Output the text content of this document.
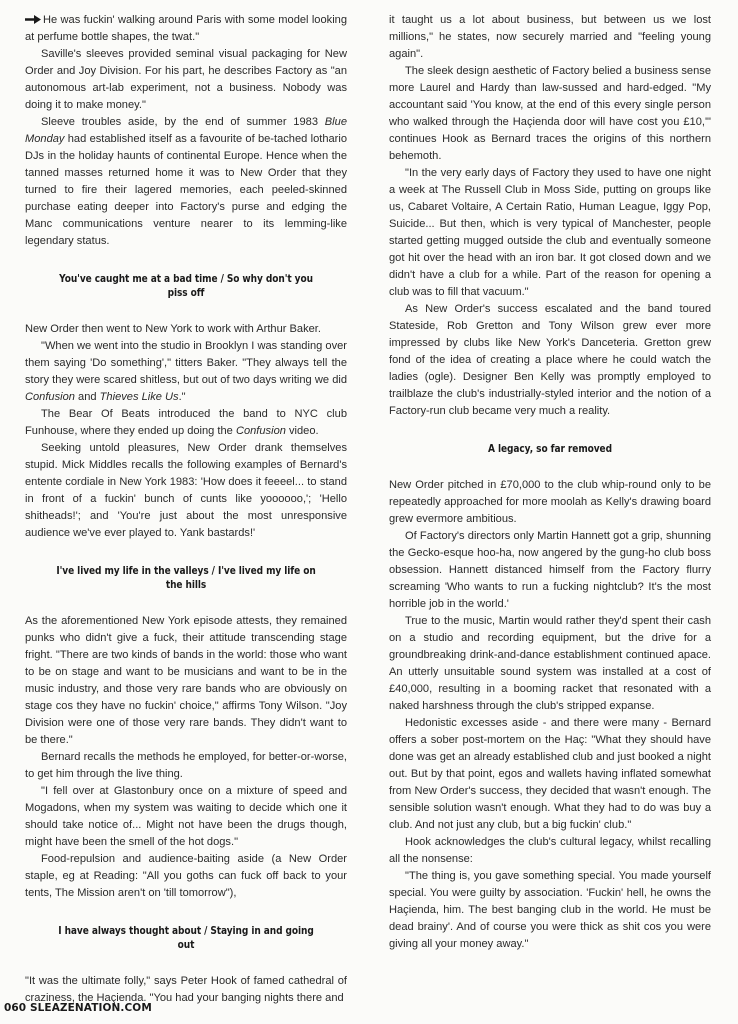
He was fuckin' walking around Paris with some model looking at perfume bottle shapes, the twat."

Saville's sleeves provided seminal visual packaging for New Order and Joy Division. For his part, he describes Factory as "an autonomous art-lab experiment, not a business. Nobody was doing it to make money."

Sleeve troubles aside, by the end of summer 1983 Blue Monday had established itself as a favourite of be-tached lothario DJs in the holiday haunts of continental Europe. Hence when the tanned masses returned home it was to New Order that they turned to fire their lagered memories, each peeled-skinned purchase eating deeper into Factory's purse and edging the Manc communications venture nearer to its lemming-like legendary status.

You've caught me at a bad time / So why don't you piss off

New Order then went to New York to work with Arthur Baker.

"When we went into the studio in Brooklyn I was standing over them saying 'Do something'," titters Baker. "They always tell the story they were scared shitless, but out of two days writing we did Confusion and Thieves Like Us."

The Bear Of Beats introduced the band to NYC club Funhouse, where they ended up doing the Confusion video.

Seeking untold pleasures, New Order drank themselves stupid. Mick Middles recalls the following examples of Bernard's entente cordiale in New York 1983: 'How does it feeeel... to stand in front of a fuckin' bunch of cunts like yoooooo,'; 'Hello shitheads!'; and 'You're just about the most unresponsive audience we've ever played to. Yank bastards!'

I've lived my life in the valleys / I've lived my life on the hills

As the aforementioned New York episode attests, they remained punks who didn't give a fuck, their attitude transcending stage fright. "There are two kinds of bands in the world: those who want to be on stage and want to be musicians and want to be in the music industry, and those very rare bands who are obviously on stage cos they have no fuckin' choice," affirms Tony Wilson. "Joy Division were one of those very rare bands. They didn't want to be there."

Bernard recalls the methods he employed, for better-or-worse, to get him through the live thing.

"I fell over at Glastonbury once on a mixture of speed and Mogadons, when my system was waiting to decide which one it should take notice of... Might not have been the drugs though, might have been the smell of the hot dogs."

Food-repulsion and audience-baiting aside (a New Order staple, eg at Reading: "All you goths can fuck off back to your tents, The Mission aren't on 'till tomorrow"),

I have always thought about / Staying in and going out

"It was the ultimate folly," says Peter Hook of famed cathedral of craziness, the Haçienda. "You had your banging nights there and

it taught us a lot about business, but between us we lost millions," he states, now securely married and "feeling young again".

The sleek design aesthetic of Factory belied a business sense more Laurel and Hardy than law-sussed and hard-edged. "My accountant said 'You know, at the end of this every single person who walked through the Haçienda door will have cost you £10,'" continues Hook as Bernard traces the origins of this northern behemoth.

"In the very early days of Factory they used to have one night a week at The Russell Club in Moss Side, putting on groups like us, Cabaret Voltaire, A Certain Ratio, Human League, Iggy Pop, Suicide... But then, which is very typical of Manchester, people started getting mugged outside the club and eventually someone got hit over the head with an iron bar. It got closed down and we didn't have a club for a while. Part of the reason for opening a club was to fill that vacuum."

As New Order's success escalated and the band toured Stateside, Rob Gretton and Tony Wilson grew ever more impressed by clubs like New York's Danceteria. Gretton grew fond of the idea of creating a place where he could watch the ladies (ogle). Designer Ben Kelly was promptly employed to trailblaze the club's industrially-styled interior and the notion of a Factory-run club became very much a reality.

A legacy, so far removed

New Order pitched in £70,000 to the club whip-round only to be repeatedly approached for more moolah as Kelly's drawing board grew evermore ambitious.

Of Factory's directors only Martin Hannett got a grip, shunning the Gecko-esque hoo-ha, now angered by the gung-ho club boss obsession. Hannett distanced himself from the Factory flurry screaming 'Who wants to run a fucking nightclub? It's the most horrible job in the world.'

True to the music, Martin would rather they'd spent their cash on a studio and recording equipment, but the drive for a groundbreaking drink-and-dance establishment continued apace. An utterly unsuitable sound system was installed at a cost of £40,000, resulting in a booming racket that resonated with a naked harshness through the club's stripped expanse.

Hedonistic excesses aside - and there were many - Bernard offers a sober post-mortem on the Haç: "What they should have done was get an already established club and just booked a night out. But by that point, egos and wallets having inflated somewhat from New Order's success, they decided that wasn't enough. The sensible solution wasn't enough. What they had to do was buy a club. And not just any club, but a big fuckin' club."

Hook acknowledges the club's cultural legacy, whilst recalling all the nonsense:

"The thing is, you gave something special. You made yourself special. You were guilty by association. 'Fuckin' hell, he owns the Haçienda, him. The best banging club in the world. He must be dead brainy'. And of course you were thick as shit cos you were giving all your money away."

060 SLEAZENATION.COM
